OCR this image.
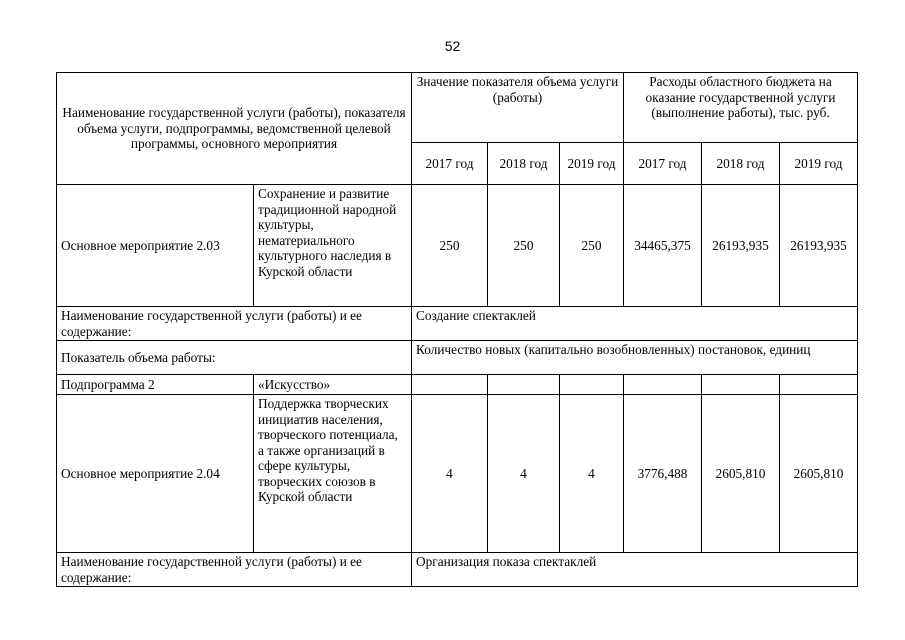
52
Наименование государственной услуги (работы), показателя объема услуги, подпрограммы, ведомственной целевой программы, основного мероприятия		Значение показателя объема услуги (работы)			Расходы областного бюджета на оказание государственной услуги (выполнение работы), тыс. руб.		
		2017 год	2018 год	2019 год	2017 год	2018 год	2019 год
Основное мероприятие 2.03	Сохранение и развитие традиционной народной культуры, нематериального культурного наследия в Курской области	250	250	250	34465,375	26193,935	26193,935
Наименование государственной услуги (работы) и ее содержание:		Создание спектаклей					
Показатель объема работы:		Количество новых (капитально возобновленных) постановок, единиц					
Подпрограмма 2	«Искусство»						
Основное мероприятие 2.04	Поддержка творческих инициатив населения, творческого потенциала, а также организаций в сфере культуры, творческих союзов в Курской области	4	4	4	3776,488	2605,810	2605,810
Наименование государственной услуги (работы) и ее содержание:		Организация показа спектаклей					
